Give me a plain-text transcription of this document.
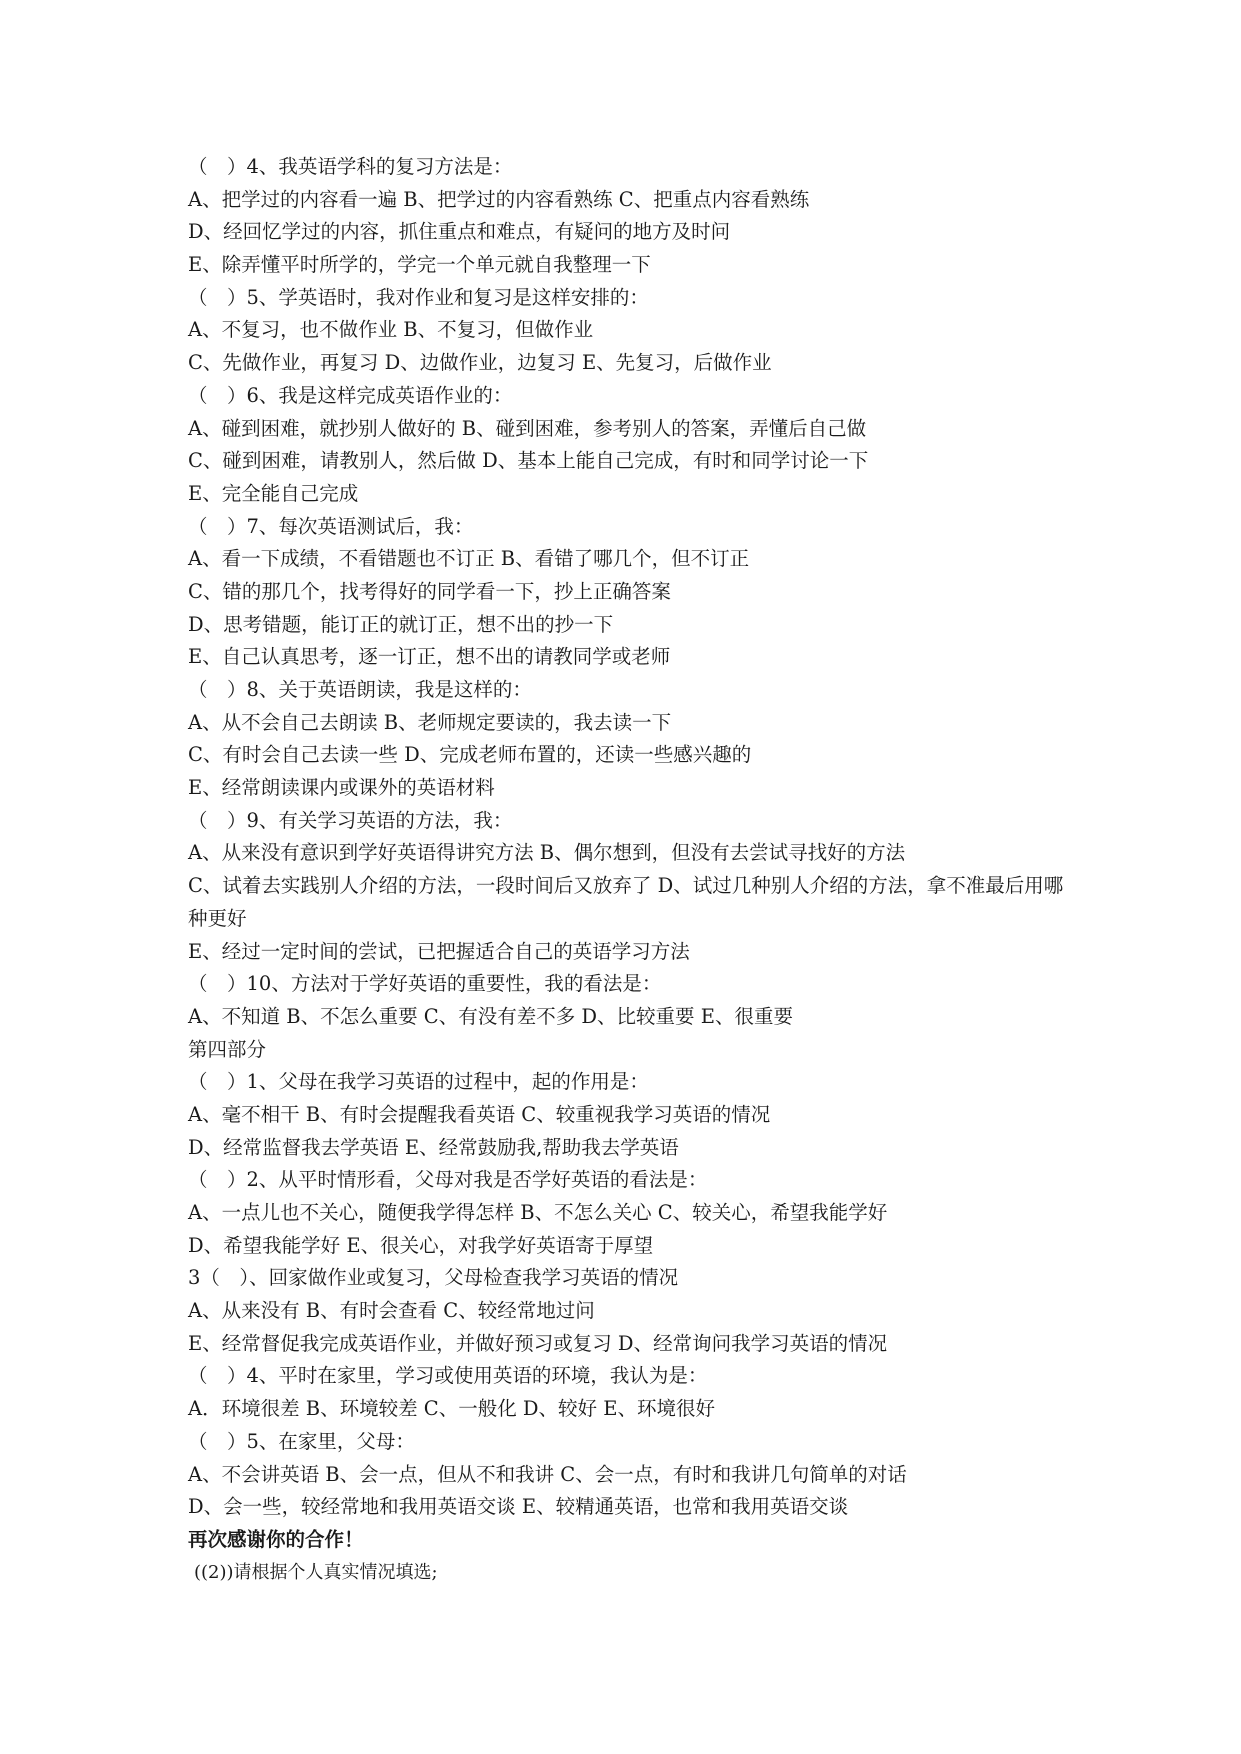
（　）4、我英语学科的复习方法是：

A、把学过的内容看一遍 B、把学过的内容看熟练 C、把重点内容看熟练

D、经回忆学过的内容，抓住重点和难点，有疑问的地方及时问

E、除弄懂平时所学的，学完一个单元就自我整理一下

（　）5、学英语时，我对作业和复习是这样安排的：

A、不复习，也不做作业 B、不复习，但做作业

C、先做作业，再复习 D、边做作业，边复习 E、先复习，后做作业

（　）6、我是这样完成英语作业的：

A、碰到困难，就抄别人做好的 B、碰到困难，参考别人的答案，弄懂后自己做

C、碰到困难，请教别人，然后做 D、基本上能自己完成，有时和同学讨论一下

E、完全能自己完成

（　）7、每次英语测试后，我：

A、看一下成绩，不看错题也不订正 B、看错了哪几个，但不订正

C、错的那几个，找考得好的同学看一下，抄上正确答案

D、思考错题，能订正的就订正，想不出的抄一下

E、自己认真思考，逐一订正，想不出的请教同学或老师

（　）8、关于英语朗读，我是这样的：

A、从不会自己去朗读 B、老师规定要读的，我去读一下

C、有时会自己去读一些 D、完成老师布置的，还读一些感兴趣的

E、经常朗读课内或课外的英语材料

（　）9、有关学习英语的方法，我：

A、从来没有意识到学好英语得讲究方法 B、偶尔想到，但没有去尝试寻找好的方法

C、试着去实践别人介绍的方法，一段时间后又放弃了 D、试过几种别人介绍的方法，拿不准最后用哪种更好

E、经过一定时间的尝试，已把握适合自己的英语学习方法

（　）10、方法对于学好英语的重要性，我的看法是：

A、不知道 B、不怎么重要 C、有没有差不多 D、比较重要 E、很重要

第四部分

（　）1、父母在我学习英语的过程中，起的作用是：

A、毫不相干 B、有时会提醒我看英语 C、较重视我学习英语的情况

D、经常监督我去学英语 E、经常鼓励我,帮助我去学英语

（　）2、从平时情形看，父母对我是否学好英语的看法是：

A、一点儿也不关心，随便我学得怎样 B、不怎么关心 C、较关心，希望我能学好

D、希望我能学好 E、很关心，对我学好英语寄于厚望

3（　）、回家做作业或复习，父母检查我学习英语的情况

A、从来没有 B、有时会查看 C、较经常地过问

E、经常督促我完成英语作业，并做好预习或复习 D、经常询问我学习英语的情况

（　）4、平时在家里，学习或使用英语的环境，我认为是：

A．环境很差 B、环境较差 C、一般化 D、较好 E、环境很好

（　）5、在家里，父母：

A、不会讲英语 B、会一点，但从不和我讲 C、会一点，有时和我讲几句简单的对话

D、会一些，较经常地和我用英语交谈 E、较精通英语，也常和我用英语交谈

再次感谢你的合作！

((2))请根据个人真实情况填选;
